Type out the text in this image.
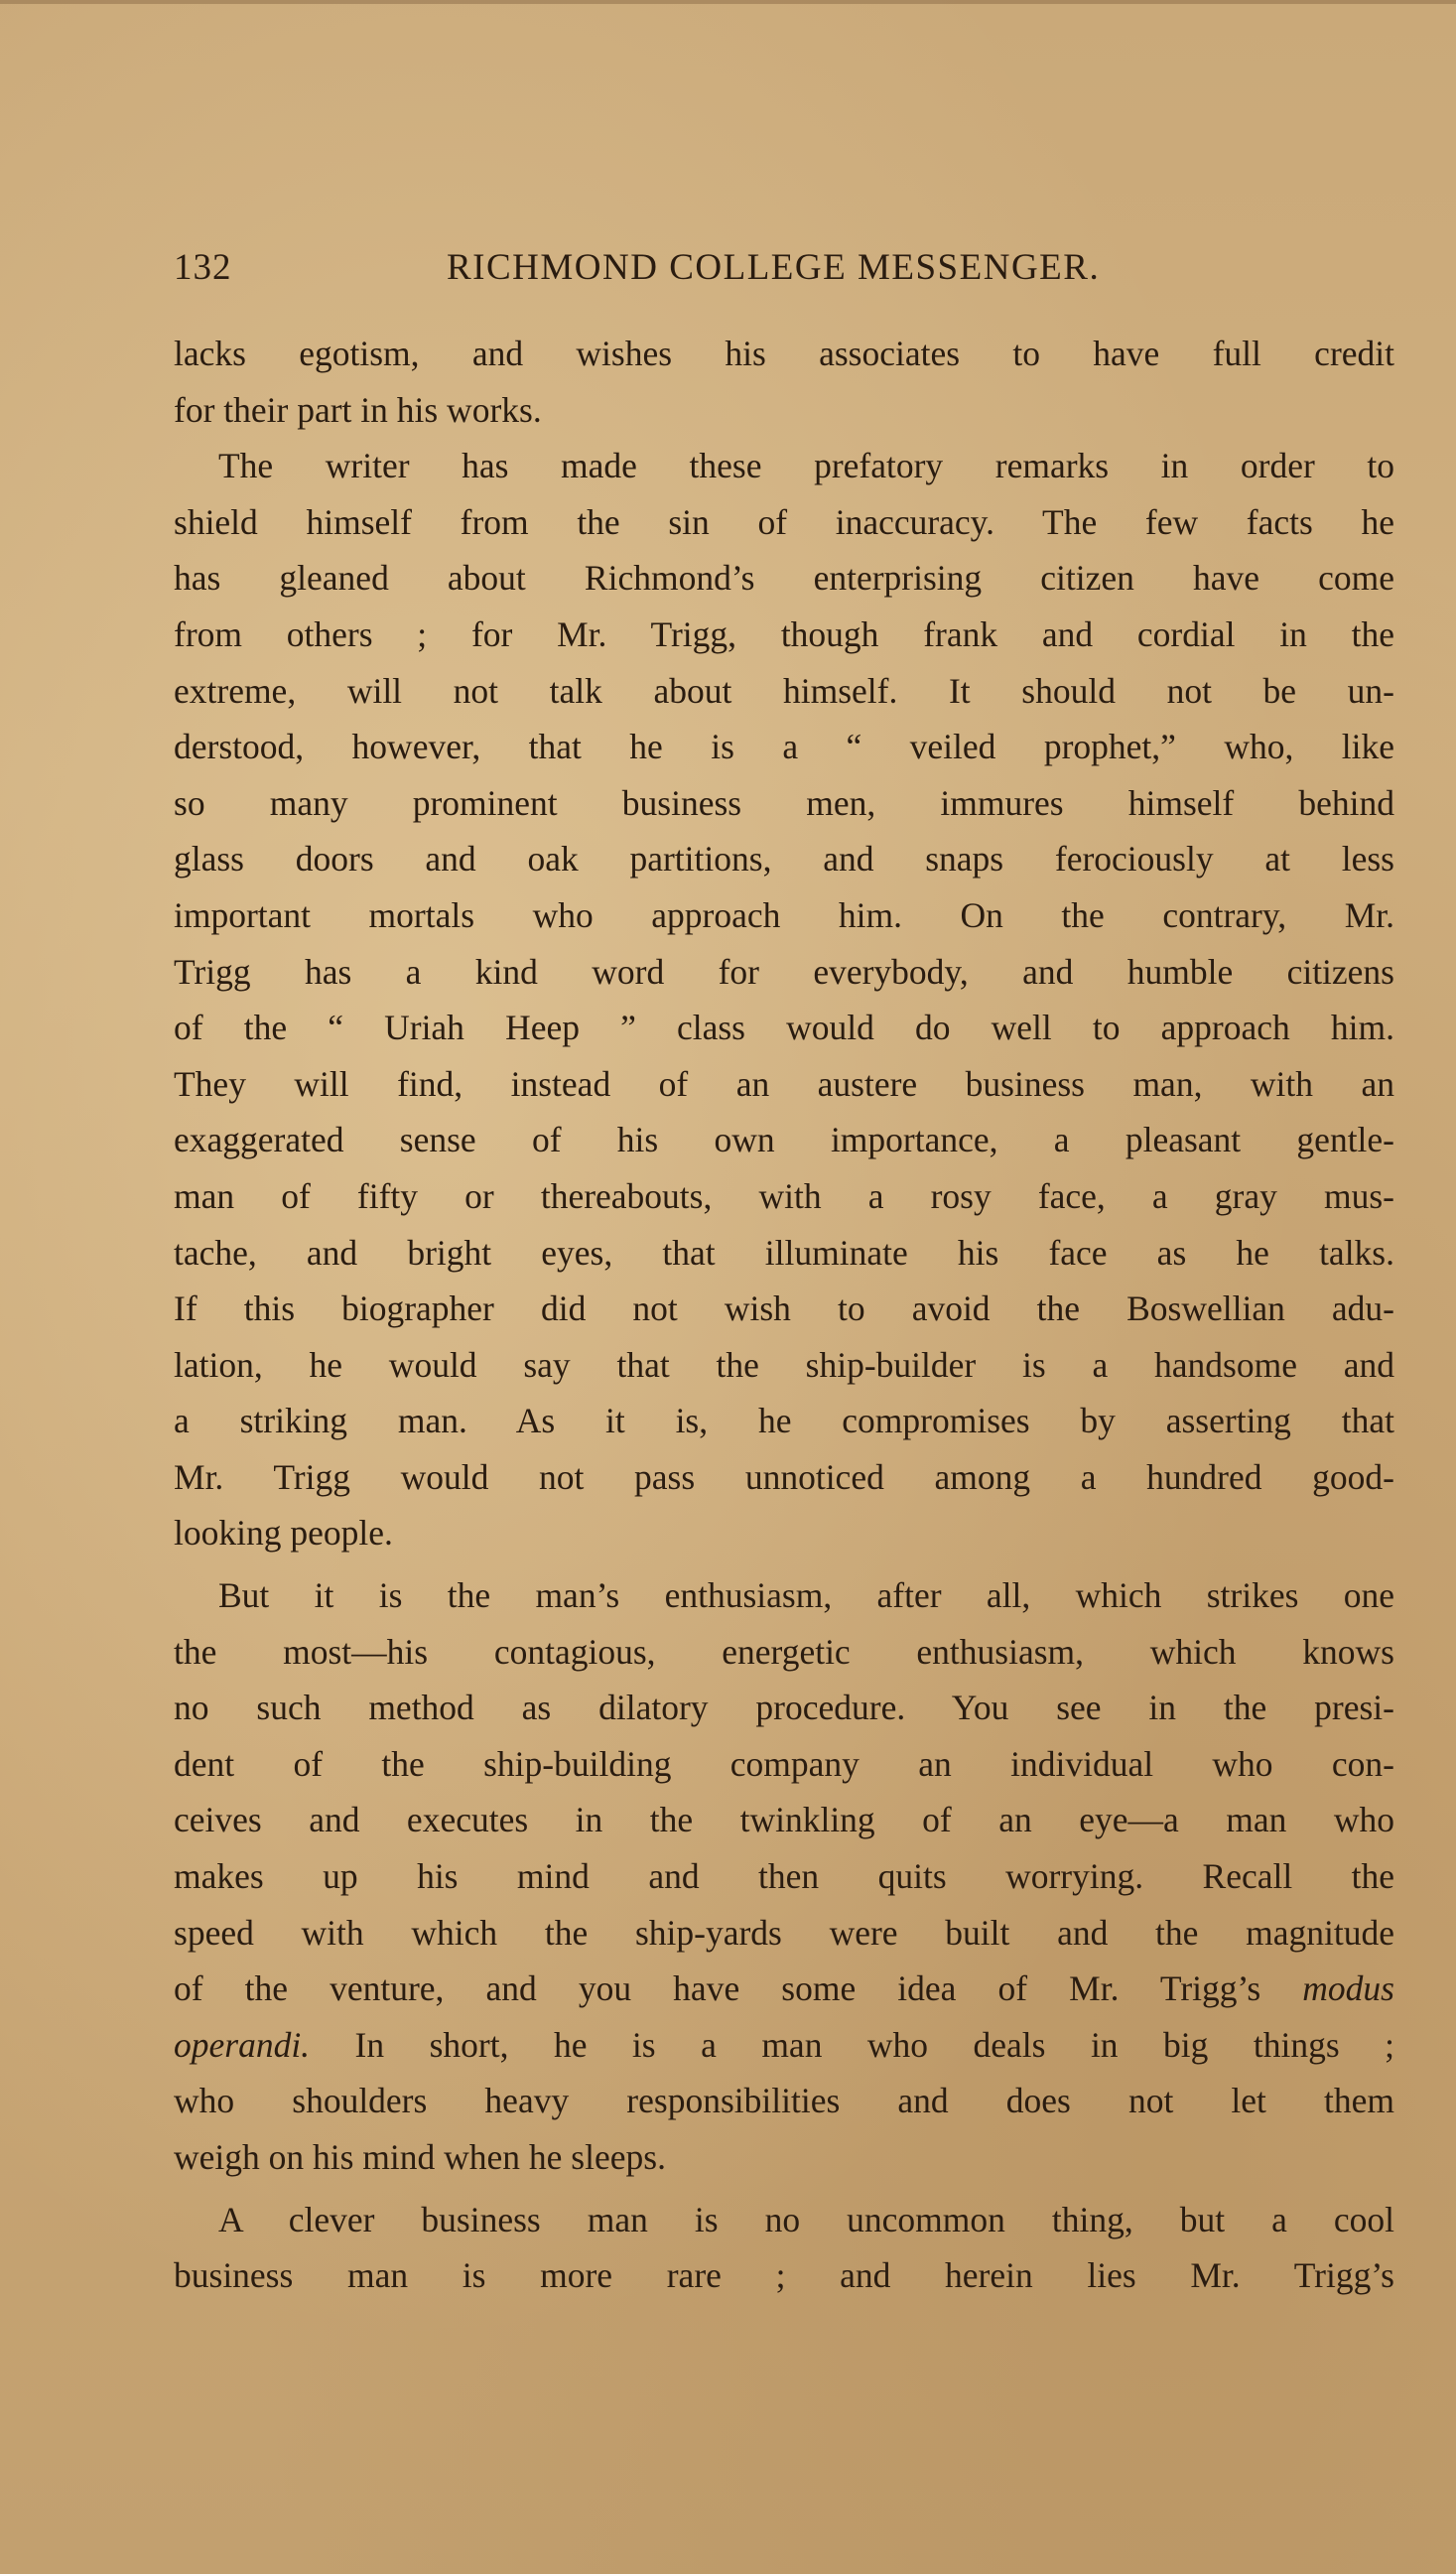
132	RICHMOND COLLEGE MESSENGER.
lacks egotism, and wishes his associates to have full credit
for their part in his works.
The writer has made these prefatory remarks in order to
shield himself from the sin of inaccuracy. The few facts he
has gleaned about Richmond’s enterprising citizen have come
from others ; for Mr. Trigg, though frank and cordial in the
extreme, will not talk about himself. It should not be un-
derstood, however, that he is a “ veiled prophet,” who, like
so many prominent business men, immures himself behind
glass doors and oak partitions, and snaps ferociously at less
important mortals who approach him. On the contrary, Mr.
Trigg has a kind word for everybody, and humble citizens
of the “ Uriah Heep ” class would do well to approach him.
They will find, instead of an austere business man, with an
exaggerated sense of his own importance, a pleasant gentle-
man of fifty or thereabouts, with a rosy face, a gray mus-
tache, and bright eyes, that illuminate his face as he talks.
If this biographer did not wish to avoid the Boswellian adu-
lation, he would say that the ship-builder is a handsome and
a striking man. As it is, he compromises by asserting that
Mr. Trigg would not pass unnoticed among a hundred good-
looking people.
But it is the man’s enthusiasm, after all, which strikes one
the most—his contagious, energetic enthusiasm, which knows
no such method as dilatory procedure. You see in the presi-
dent of the ship-building company an individual who con-
ceives and executes in the twinkling of an eye—a man who
makes up his mind and then quits worrying. Recall the
speed with which the ship-yards were built and the magnitude
of the venture, and you have some idea of Mr. Trigg’s modus
operandi. In short, he is a man who deals in big things ;
who shoulders heavy responsibilities and does not let them
weigh on his mind when he sleeps.
A clever business man is no uncommon thing, but a cool
business man is more rare ; and herein lies Mr. Trigg’s
